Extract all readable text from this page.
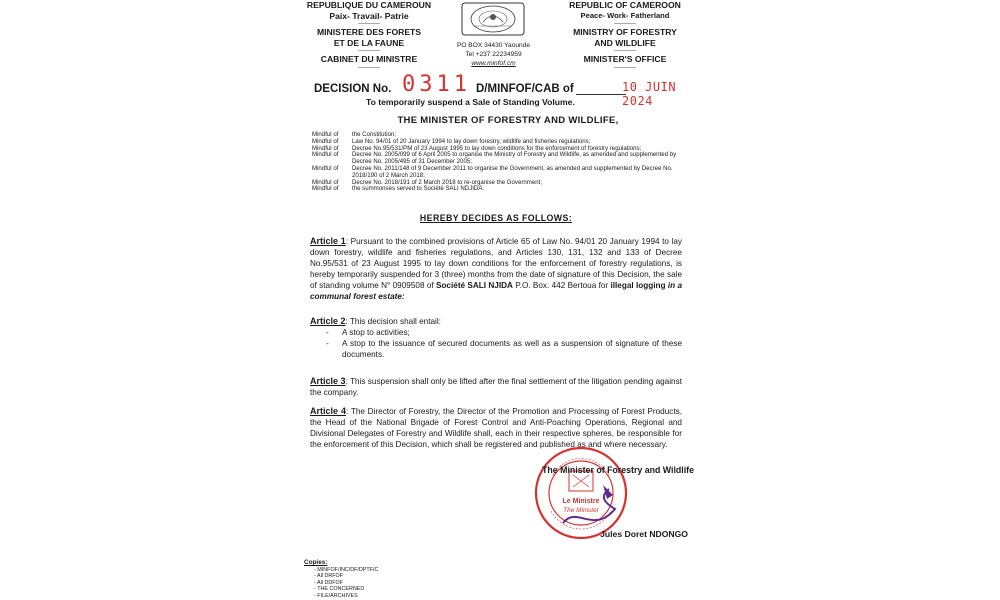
REPUBLIQUE DU CAMEROUN
Paix- Travail- Patrie
-----------
MINISTERE DES FORETS
ET DE LA FAUNE
-----------
CABINET DU MINISTRE
-----------
PO BOX 34430 Yaounde
Tel +237 22234959
www.minfof.cm
REPUBLIC OF CAMEROON
Peace- Work- Fatherland
-----------
MINISTRY OF FORESTRY
AND WILDLIFE
-----------
MINISTER'S OFFICE
-----------
DECISION No. 0311 D/MINFOF/CAB of	10 JUIN 2024
To temporarily suspend a Sale of Standing Volume.
THE MINISTER OF FORESTRY AND WILDLIFE,
Mindful of	the Constitution;
Mindful of	Law No. 94/01 of 20 January 1994 to lay down forestry, wildlife and fisheries regulations;
Mindful of	Decree No.95/531/PM of 23 August 1995 to lay down conditions for the enforcement of forestry regulations;
Mindful of	Decree No. 2005/099 of 6 April 2005 to organise the Ministry of Forestry and Wildlife, as amended and supplemented by Decree No. 2005/495 of 31 December 2005;
Mindful of	Decree No. 2011/148 of 9 December 2011 to organise the Government, as amended and supplemented by Decree No. 2018/190 of 2 March 2018;
Mindful of	Decree No. 2018/191 of 2 March 2018 to re-organise the Government;
Mindful of	the summonses served to Société SALI NDJIDA.
HEREBY DECIDES AS FOLLOWS:
Article 1: Pursuant to the combined provisions of Article 65 of Law No. 94/01 20 January 1994 to lay down forestry, wildlife and fisheries regulations, and Articles 130, 131, 132 and 133 of Decree No.95/531 of 23 August 1995 to lay down conditions for the enforcement of forestry regulations, is hereby temporarily suspended for 3 (three) months from the date of signature of this Decision, the sale of standing volume N° 0909508 of Société SALI NJIDA P.O. Box. 442 Bertoua for illegal logging in a communal forest estate:
Article 2: This decision shall entail:
-	A stop to activities;
-	A stop to the issuance of secured documents as well as a suspension of signature of these documents.
Article 3: This suspension shall only be lifted after the final settlement of the litigation pending against the company.
Article 4: The Director of Forestry, the Director of the Promotion and Processing of Forest Products, the Head of the National Brigade of Forest Control and Anti-Poaching Operations, Regional and Divisional Delegates of Forestry and Wildlife shall, each in their respective spheres, be responsible for the enforcement of this Decision, which shall be registered and published as and where necessary.
Le Ministre
The Minister
The Minister of Forestry and Wildlife
Jules Doret NDONGO
Copies:
- MINFOF/INC/DF/DPTF/C
- All DRFOF
- All DDFOF
- THE CONCERNED
- FILE/ARCHIVES
